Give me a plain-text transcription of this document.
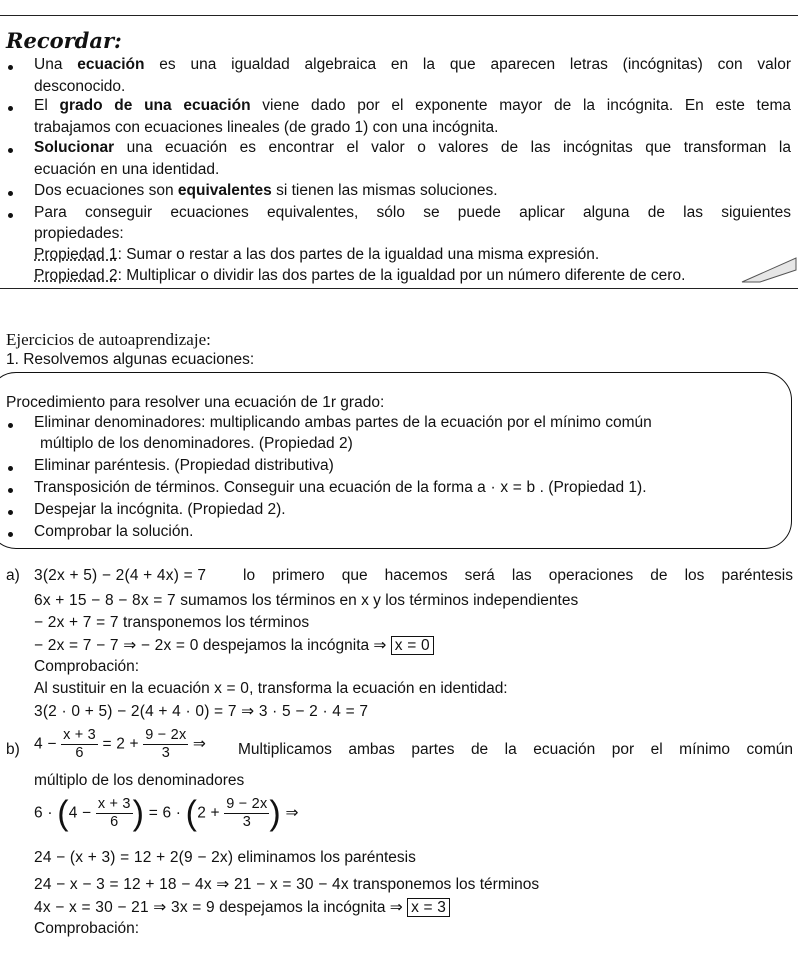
Recordar:
Una ecuación es una igualdad algebraica en la que aparecen letras (incógnitas) con valor
desconocido.
El grado de una ecuación viene dado por el exponente mayor de la incógnita. En este tema
trabajamos con ecuaciones lineales (de grado 1) con una incógnita.
Solucionar una ecuación es encontrar el valor o valores de las incógnitas que transforman la
ecuación en una identidad.
Dos ecuaciones son equivalentes si tienen las mismas soluciones.
Para conseguir ecuaciones equivalentes, sólo se puede aplicar alguna de las siguientes
propiedades:
Propiedad 1: Sumar o restar a las dos partes de la igualdad una misma expresión.
Propiedad 2: Multiplicar o dividir las dos partes de la igualdad por un número diferente de cero.
Ejercicios de autoaprendizaje:
1. Resolvemos algunas ecuaciones:
Procedimiento para resolver una ecuación de 1r grado:
Eliminar denominadores: multiplicando ambas partes de la ecuación por el mínimo común
múltiplo de los denominadores. (Propiedad 2)
Eliminar paréntesis. (Propiedad distributiva)
Transposición de términos. Conseguir una ecuación de la forma a · x = b . (Propiedad 1).
Despejar la incógnita. (Propiedad 2).
Comprobar la solución.
a) 3(2x + 5) − 2(4 + 4x) = 7 lo primero que hacemos será las operaciones de los paréntesis
6x + 15 − 8 − 8x = 7 sumamos los términos en x y los términos independientes
− 2x + 7 = 7 transponemos los términos
− 2x = 7 − 7 ⇒ − 2x = 0 despejamos la incógnita ⇒ x = 0
Comprobación:
Al sustituir en la ecuación x = 0, transforma la ecuación en identidad:
3(2 · 0 + 5) − 2(4 + 4 · 0) = 7 ⇒ 3 · 5 − 2 · 4 = 7
b) $4 - \frac{x + 3}{6} = 2 + \frac{9 - 2x}{3}$ ⇒ Multiplicamos ambas partes de la ecuación por el mínimo común
múltiplo de los denominadores
$6 \cdot (4 - \frac{x + 3}{6}$ ) = $6 \cdot (2 + \frac{9 - 2x}{3}$ ) ⇒
24 − (x + 3) = 12 + 2(9 − 2x) eliminamos los paréntesis
24 − x − 3 = 12 + 18 − 4x ⇒ 21 − x = 30 − 4x transponemos los términos
4x − x = 30 − 21 ⇒ 3x = 9 despejamos la incógnita ⇒ x = 3
Comprobación:
